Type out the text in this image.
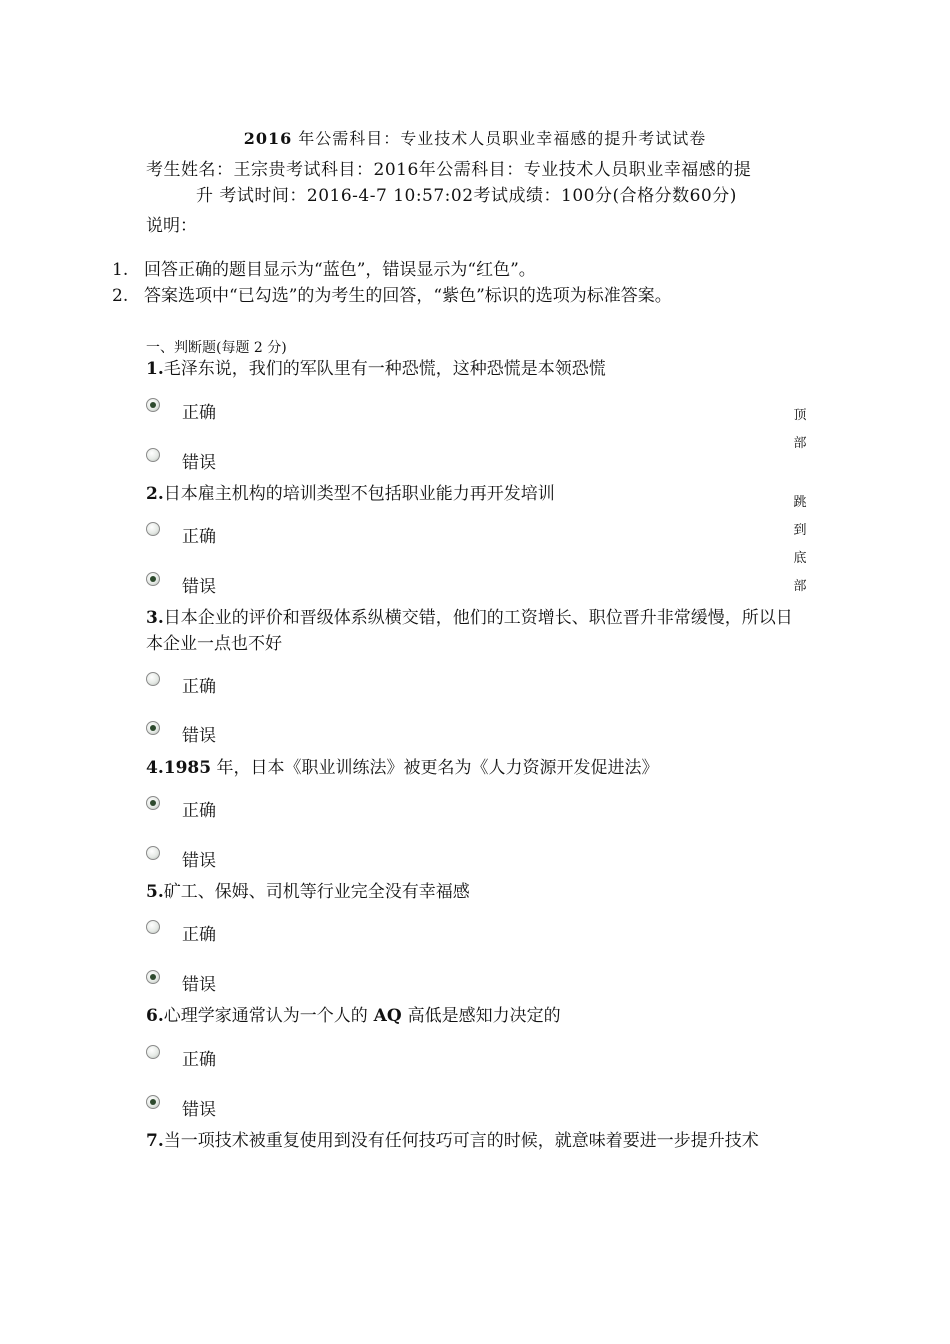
2016 年公需科目：专业技术人员职业幸福感的提升考试试卷
考生姓名：王宗贵考试科目：2016年公需科目：专业技术人员职业幸福感的提
升 考试时间：2016-4-7 10:57:02考试成绩：100分(合格分数60分)
说明：
1. 回答正确的题目显示为“蓝色”，错误显示为“红色”。
2. 答案选项中“已勾选”的为考生的回答，“紫色”标识的选项为标准答案。
一、判断题(每题 2 分)
1.毛泽东说，我们的军队里有一种恐慌，这种恐慌是本领恐慌
正确
错误
2.日本雇主机构的培训类型不包括职业能力再开发培训
正确
错误
3.日本企业的评价和晋级体系纵横交错，他们的工资增长、职位晋升非常缓慢，所以日本企业一点也不好
正确
错误
4.1985 年，日本《职业训练法》被更名为《人力资源开发促进法》
正确
错误
5.矿工、保姆、司机等行业完全没有幸福感
正确
错误
6.心理学家通常认为一个人的 AQ 高低是感知力决定的
正确
错误
7.当一项技术被重复使用到没有任何技巧可言的时候，就意味着要进一步提升技术
顶
部
跳
到
底
部
